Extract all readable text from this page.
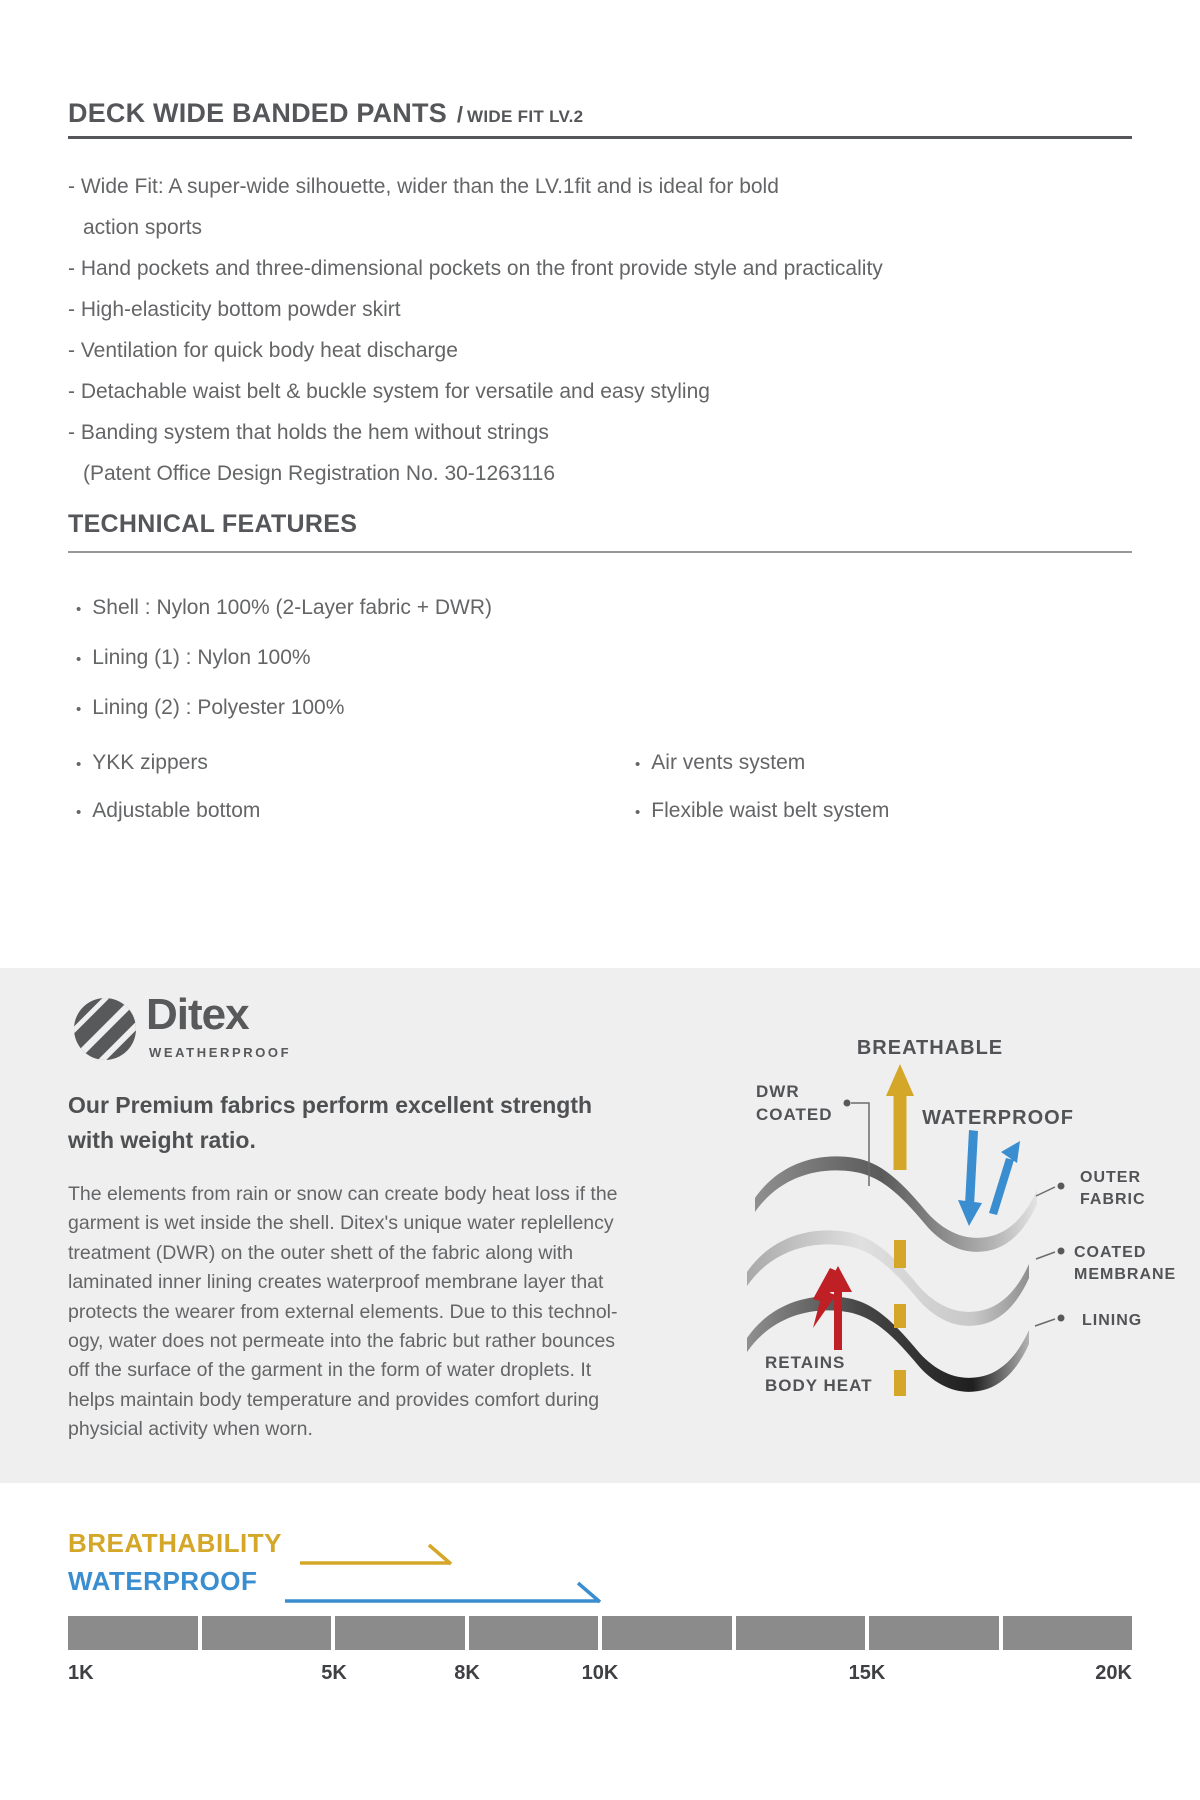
DECK WIDE BANDED PANTS / WIDE FIT LV.2
- Wide Fit: A super-wide silhouette, wider than the LV.1fit and is ideal for bold
action sports
- Hand pockets and three-dimensional pockets on the front provide style and practicality
- High-elasticity bottom powder skirt
- Ventilation for quick body heat discharge
- Detachable waist belt & buckle system for versatile and easy styling
- Banding system that holds the hem without strings
(Patent Office Design Registration No. 30-1263116
TECHNICAL FEATURES
• Shell : Nylon 100% (2-Layer fabric + DWR)
• Lining (1) : Nylon 100%
• Lining (2) : Polyester 100%
• YKK zippers
• Adjustable bottom
• Air vents system
• Flexible waist belt system
Ditex
WEATHERPROOF
Our Premium fabrics perform excellent strength
with weight ratio.
The elements from rain or snow can create body heat loss if the
garment is wet inside the shell. Ditex's unique water replellency
treatment (DWR) on the outer shett of the fabric along with
laminated inner lining creates waterproof membrane layer that
protects the wearer from external elements. Due to this technol-
ogy, water does not permeate into the fabric but rather bounces
off the surface of the garment in the form of water droplets. It
helps maintain body temperature and provides comfort during
physicial activity when worn.
BREATHABLE
WATERPROOF
DWR
COATED
OUTER
FABRIC
COATED
MEMBRANE
LINING
RETAINS
BODY HEAT
BREATHABILITY
WATERPROOF
1K	5K	8K	10K	15K	20K
